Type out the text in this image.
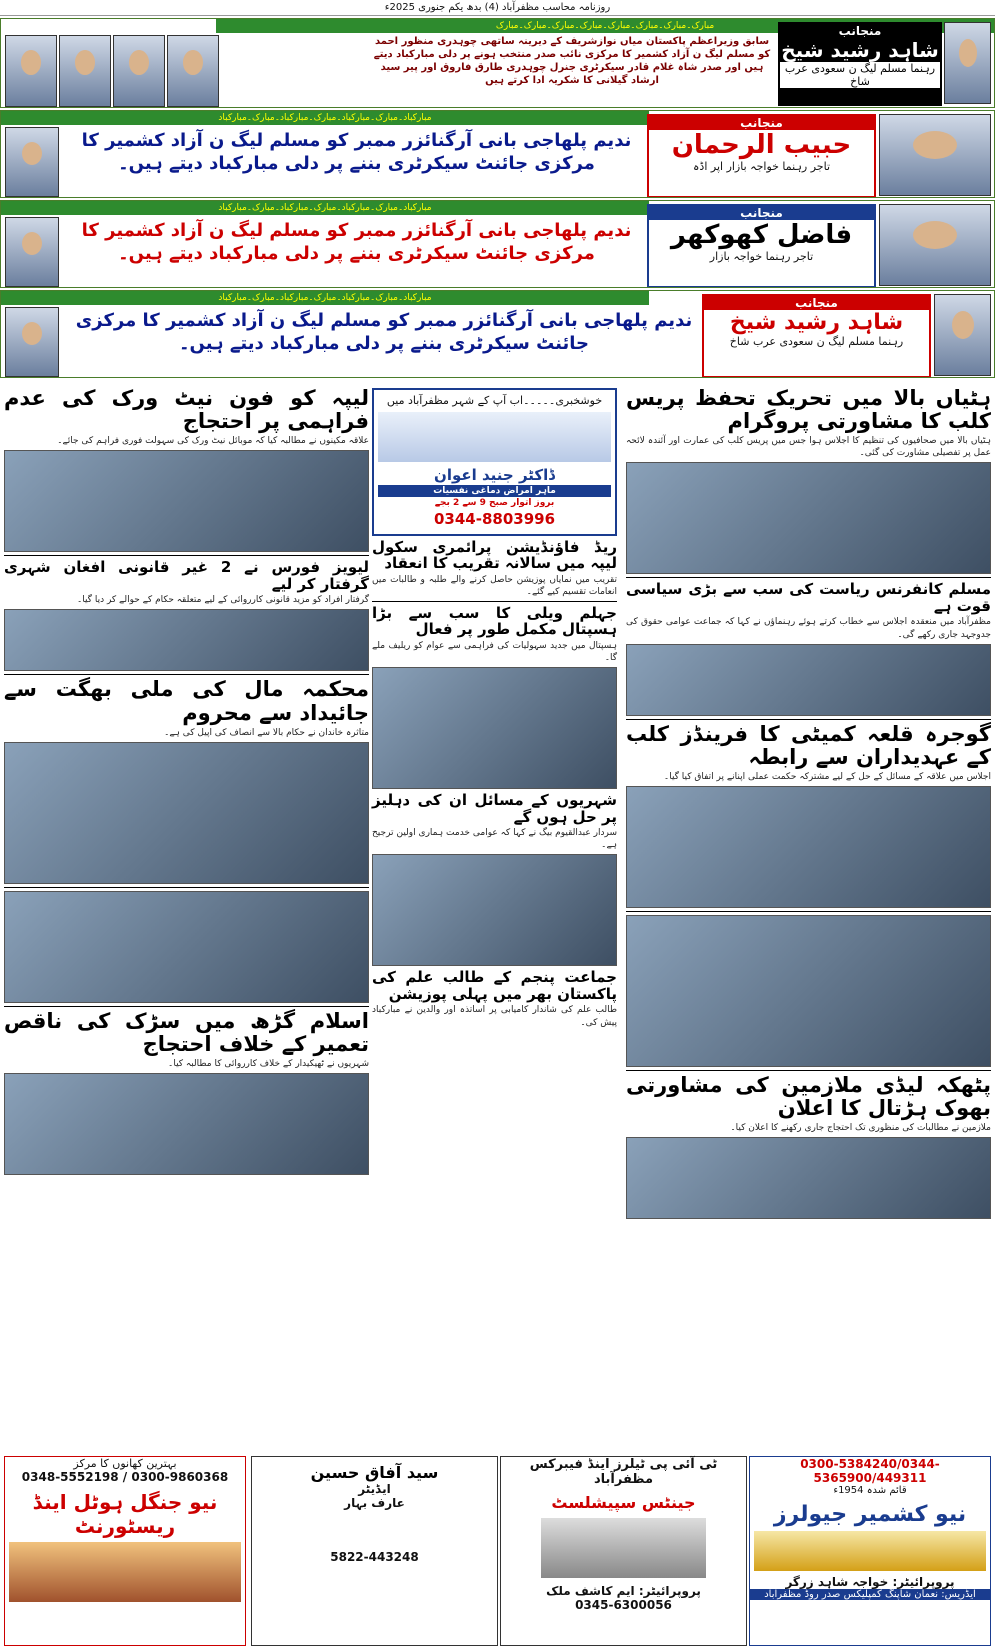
روزنامہ محاسب مظفرآباد (4) بدھ یکم جنوری 2025ء
مبارک۔مبارک۔مبارک۔مبارک۔مبارک۔مبارک۔مبارک۔مبارک	منجانب
شاہد رشید شیخ
رہنما مسلم لیگ ن سعودی عرب شاخ
سابق وزیراعظم پاکستان میاں نوازشریف کے دیرینہ ساتھی چوہدری منظور احمد کو مسلم لیگ ن آزاد کشمیر کا مرکزی نائب صدر منتخب ہونے پر دلی مبارکباد دیتے ہیں اور صدر شاہ غلام قادر سیکرٹری جنرل چوہدری طارق فاروق اور پیر سید ارشاد گیلانی کا شکریہ ادا کرتے ہیں
مبارکباد۔مبارک۔مبارکباد۔مبارک۔مبارکباد۔مبارک۔مبارکباد	منجانب
حبیب الرحمان
تاجر رہنما خواجہ بازار اپر اڈہ
ندیم پلھاجی بانی آرگنائزر ممبر کو مسلم لیگ ن آزاد کشمیر کا مرکزی جائنٹ سیکرٹری بننے پر دلی مبارکباد دیتے ہیں۔
مبارکباد۔مبارک۔مبارکباد۔مبارک۔مبارکباد۔مبارک۔مبارکباد	منجانب
فاضل کھوکھر
تاجر رہنما خواجہ بازار
ندیم پلھاجی بانی آرگنائزر ممبر کو مسلم لیگ ن آزاد کشمیر کا مرکزی جائنٹ سیکرٹری بننے پر دلی مبارکباد دیتے ہیں۔
مبارکباد۔مبارک۔مبارکباد۔مبارک۔مبارکباد۔مبارک۔مبارکباد	منجانب
شاہد رشید شیخ
رہنما مسلم لیگ ن سعودی عرب شاخ
ندیم پلھاجی بانی آرگنائزر ممبر کو مسلم لیگ ن آزاد کشمیر کا مرکزی جائنٹ سیکرٹری بننے پر دلی مبارکباد دیتے ہیں۔
ہٹیاں بالا میں تحریک تحفظ پریس کلب کا مشاورتی پروگرام
ہٹیاں بالا میں صحافیوں کی تنظیم کا اجلاس ہوا جس میں پریس کلب کی عمارت اور آئندہ لائحہ عمل پر تفصیلی مشاورت کی گئی۔
مسلم کانفرنس ریاست کی سب سے بڑی سیاسی قوت ہے
مظفرآباد میں منعقدہ اجلاس سے خطاب کرتے ہوئے رہنماؤں نے کہا کہ جماعت عوامی حقوق کی جدوجہد جاری رکھے گی۔
گوجرہ قلعہ کمیٹی کا فرینڈز کلب کے عہدیداران سے رابطہ
اجلاس میں علاقہ کے مسائل کے حل کے لیے مشترکہ حکمت عملی اپنانے پر اتفاق کیا گیا۔
پٹھکہ لیڈی ملازمین کی مشاورتی بھوک ہڑتال کا اعلان
ملازمین نے مطالبات کی منظوری تک احتجاج جاری رکھنے کا اعلان کیا۔
خوشخبری۔۔۔۔۔اب آپ کے شہر مظفرآباد میں
ڈاکٹر جنید اعوان
ماہر امراض دماغی نفسیات
بروز اتوار صبح 9 سے 2 بجے
0344-8803996
ریڈ فاؤنڈیشن پرائمری سکول لیپہ میں سالانہ تقریب کا انعقاد
تقریب میں نمایاں پوزیشن حاصل کرنے والے طلبہ و طالبات میں انعامات تقسیم کیے گئے۔
جہلم ویلی کا سب سے بڑا ہسپتال مکمل طور پر فعال
ہسپتال میں جدید سہولیات کی فراہمی سے عوام کو ریلیف ملے گا۔
شہریوں کے مسائل ان کی دہلیز پر حل ہوں گے
سردار عبدالقیوم بیگ نے کہا کہ عوامی خدمت ہماری اولین ترجیح ہے۔
جماعت پنجم کے طالب علم کی پاکستان بھر میں پہلی پوزیشن
طالب علم کی شاندار کامیابی پر اساتذہ اور والدین نے مبارکباد پیش کی۔
لیپہ کو فون نیٹ ورک کی عدم فراہمی پر احتجاج
علاقہ مکینوں نے مطالبہ کیا کہ موبائل نیٹ ورک کی سہولت فوری فراہم کی جائے۔
لیویز فورس نے 2 غیر قانونی افغان شہری گرفتار کر لیے
گرفتار افراد کو مزید قانونی کارروائی کے لیے متعلقہ حکام کے حوالے کر دیا گیا۔
محکمہ مال کی ملی بھگت سے جائیداد سے محروم
متاثرہ خاندان نے حکام بالا سے انصاف کی اپیل کی ہے۔
اسلام گڑھ میں سڑک کی ناقص تعمیر کے خلاف احتجاج
شہریوں نے ٹھیکیدار کے خلاف کارروائی کا مطالبہ کیا۔
0300-5384240/0344-5365900/449311
قائم شدہ 1954ء
نیو کشمیر جیولرز
پروپرائیٹر: خواجہ شاہد زرگر
ایڈریس: نعمان شاپنگ کمپلیکس صدر روڈ مظفرآباد
ٹی آئی پی ٹیلرز اینڈ فیبرکس مظفرآباد
جینٹس سپیشلسٹ
پروپرائیٹر: ایم کاشف ملک
0345-6300056
سید آفاق حسین
ایڈیٹر
عارف بہار
5822-443248
بہترین کھانوں کا مرکز
0300-9860368 / 0348-5552198
نیو جنگل ہوٹل اینڈ ریسٹورنٹ
